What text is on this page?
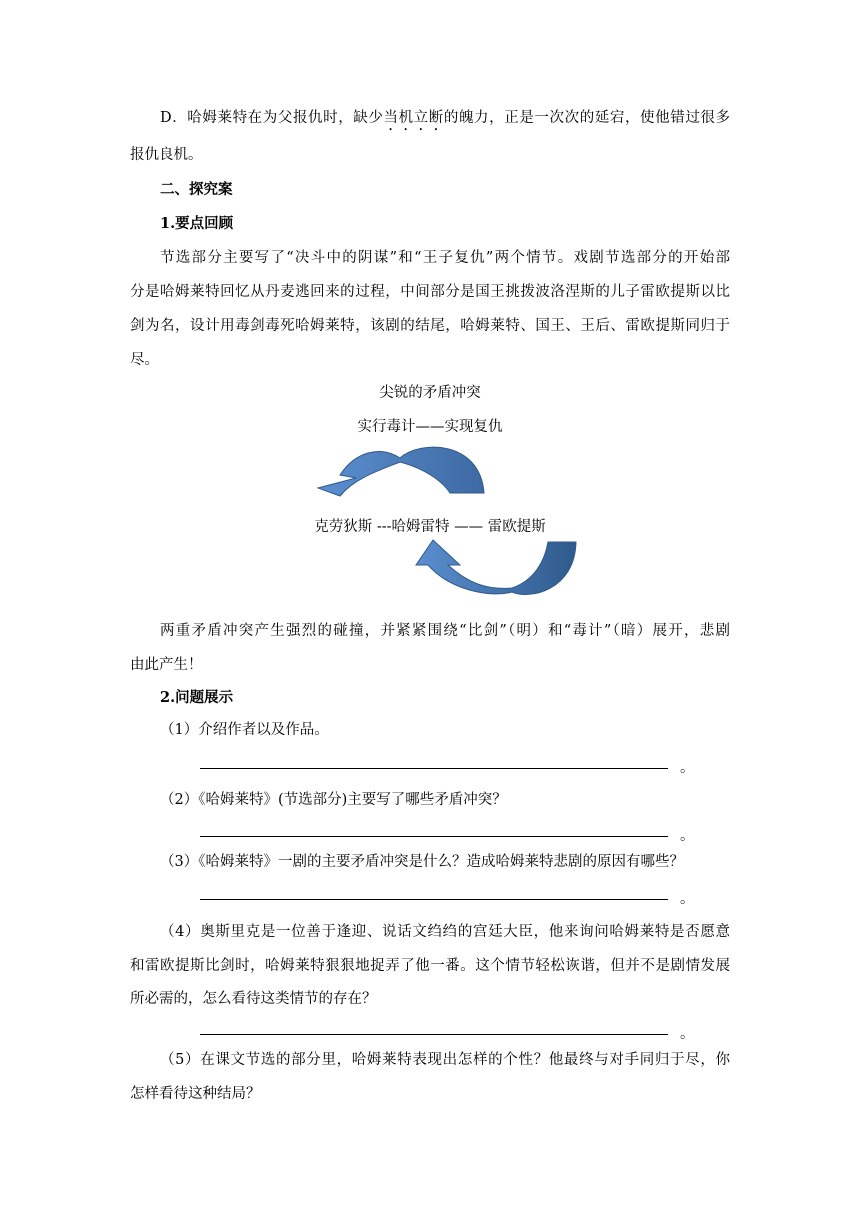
D．哈姆莱特在为父报仇时，缺少当机立断的魄力，正是一次次的延宕，使他错过很多
报仇良机。
二、探究案
1.要点回顾
节选部分主要写了“决斗中的阴谋”和“王子复仇”两个情节。戏剧节选部分的开始部
分是哈姆莱特回忆从丹麦逃回来的过程，中间部分是国王挑拨波洛涅斯的儿子雷欧提斯以比
剑为名，设计用毒剑毒死哈姆莱特，该剧的结尾，哈姆莱特、国王、王后、雷欧提斯同归于
尽。
尖锐的矛盾冲突
实行毒计——实现复仇
克劳狄斯 ---哈姆雷特 —— 雷欧提斯
两重矛盾冲突产生强烈的碰撞，并紧紧围绕“比剑”（明）和“毒计”（暗）展开，悲剧
由此产生！
2.问题展示
（1）介绍作者以及作品。
。
（2）《哈姆莱特》(节选部分)主要写了哪些矛盾冲突？
。
（3）《哈姆莱特》一剧的主要矛盾冲突是什么？造成哈姆莱特悲剧的原因有哪些？
。
（4）奥斯里克是一位善于逢迎、说话文绉绉的宫廷大臣，他来询问哈姆莱特是否愿意
和雷欧提斯比剑时，哈姆莱特狠狠地捉弄了他一番。这个情节轻松诙谐，但并不是剧情发展
所必需的，怎么看待这类情节的存在？
。
（5）在课文节选的部分里，哈姆莱特表现出怎样的个性？他最终与对手同归于尽，你
怎样看待这种结局？
